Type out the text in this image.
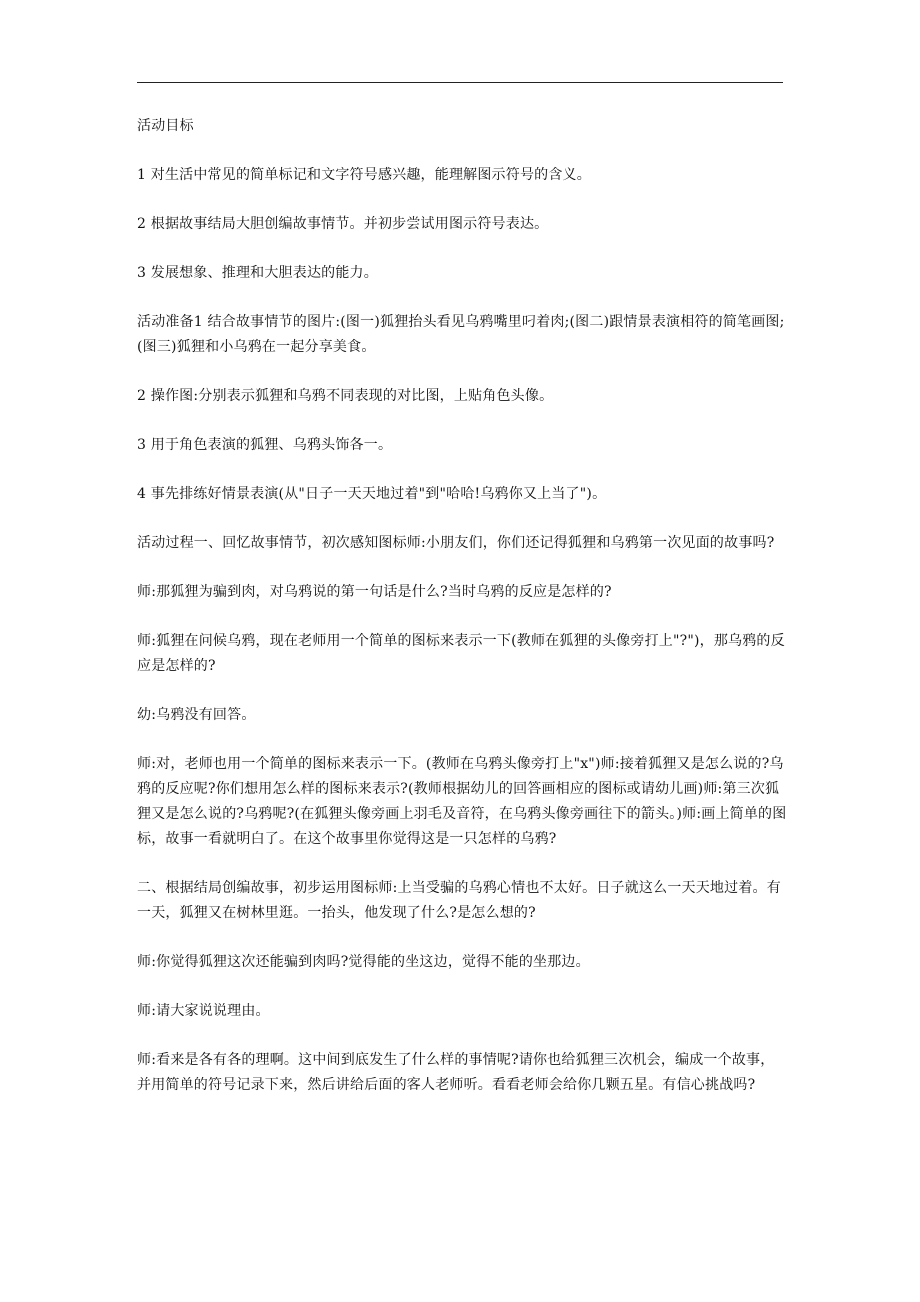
活动目标

1 对生活中常见的简单标记和文字符号感兴趣，能理解图示符号的含义。

2 根据故事结局大胆创编故事情节。并初步尝试用图示符号表达。

3 发展想象、推理和大胆表达的能力。

活动准备1 结合故事情节的图片:(图一)狐狸抬头看见乌鸦嘴里叼着肉;(图二)跟情景表演相符的简笔画图;(图三)狐狸和小乌鸦在一起分享美食。

2 操作图:分别表示狐狸和乌鸦不同表现的对比图，上贴角色头像。

3 用于角色表演的狐狸、乌鸦头饰各一。

4 事先排练好情景表演(从"日子一天天地过着"到"哈哈!乌鸦你又上当了")。

活动过程一、回忆故事情节，初次感知图标师:小朋友们，你们还记得狐狸和乌鸦第一次见面的故事吗?

师:那狐狸为骗到肉，对乌鸦说的第一句话是什么?当时乌鸦的反应是怎样的?

师:狐狸在问候乌鸦，现在老师用一个简单的图标来表示一下(教师在狐狸的头像旁打上"?")，那乌鸦的反应是怎样的?

幼:乌鸦没有回答。

师:对，老师也用一个简单的图标来表示一下。(教师在乌鸦头像旁打上"x")师:接着狐狸又是怎么说的?乌鸦的反应呢?你们想用怎么样的图标来表示?(教师根据幼儿的回答画相应的图标或请幼儿画)师:第三次狐狸又是怎么说的?乌鸦呢?(在狐狸头像旁画上羽毛及音符，在乌鸦头像旁画往下的箭头。)师:画上简单的图标，故事一看就明白了。在这个故事里你觉得这是一只怎样的乌鸦?

二、根据结局创编故事，初步运用图标师:上当受骗的乌鸦心情也不太好。日子就这么一天天地过着。有一天，狐狸又在树林里逛。一抬头，他发现了什么?是怎么想的?

师:你觉得狐狸这次还能骗到肉吗?觉得能的坐这边，觉得不能的坐那边。

师:请大家说说理由。

师:看来是各有各的理啊。这中间到底发生了什么样的事情呢?请你也给狐狸三次机会，编成一个故事，并用简单的符号记录下来，然后讲给后面的客人老师听。看看老师会给你几颗五星。有信心挑战吗?
